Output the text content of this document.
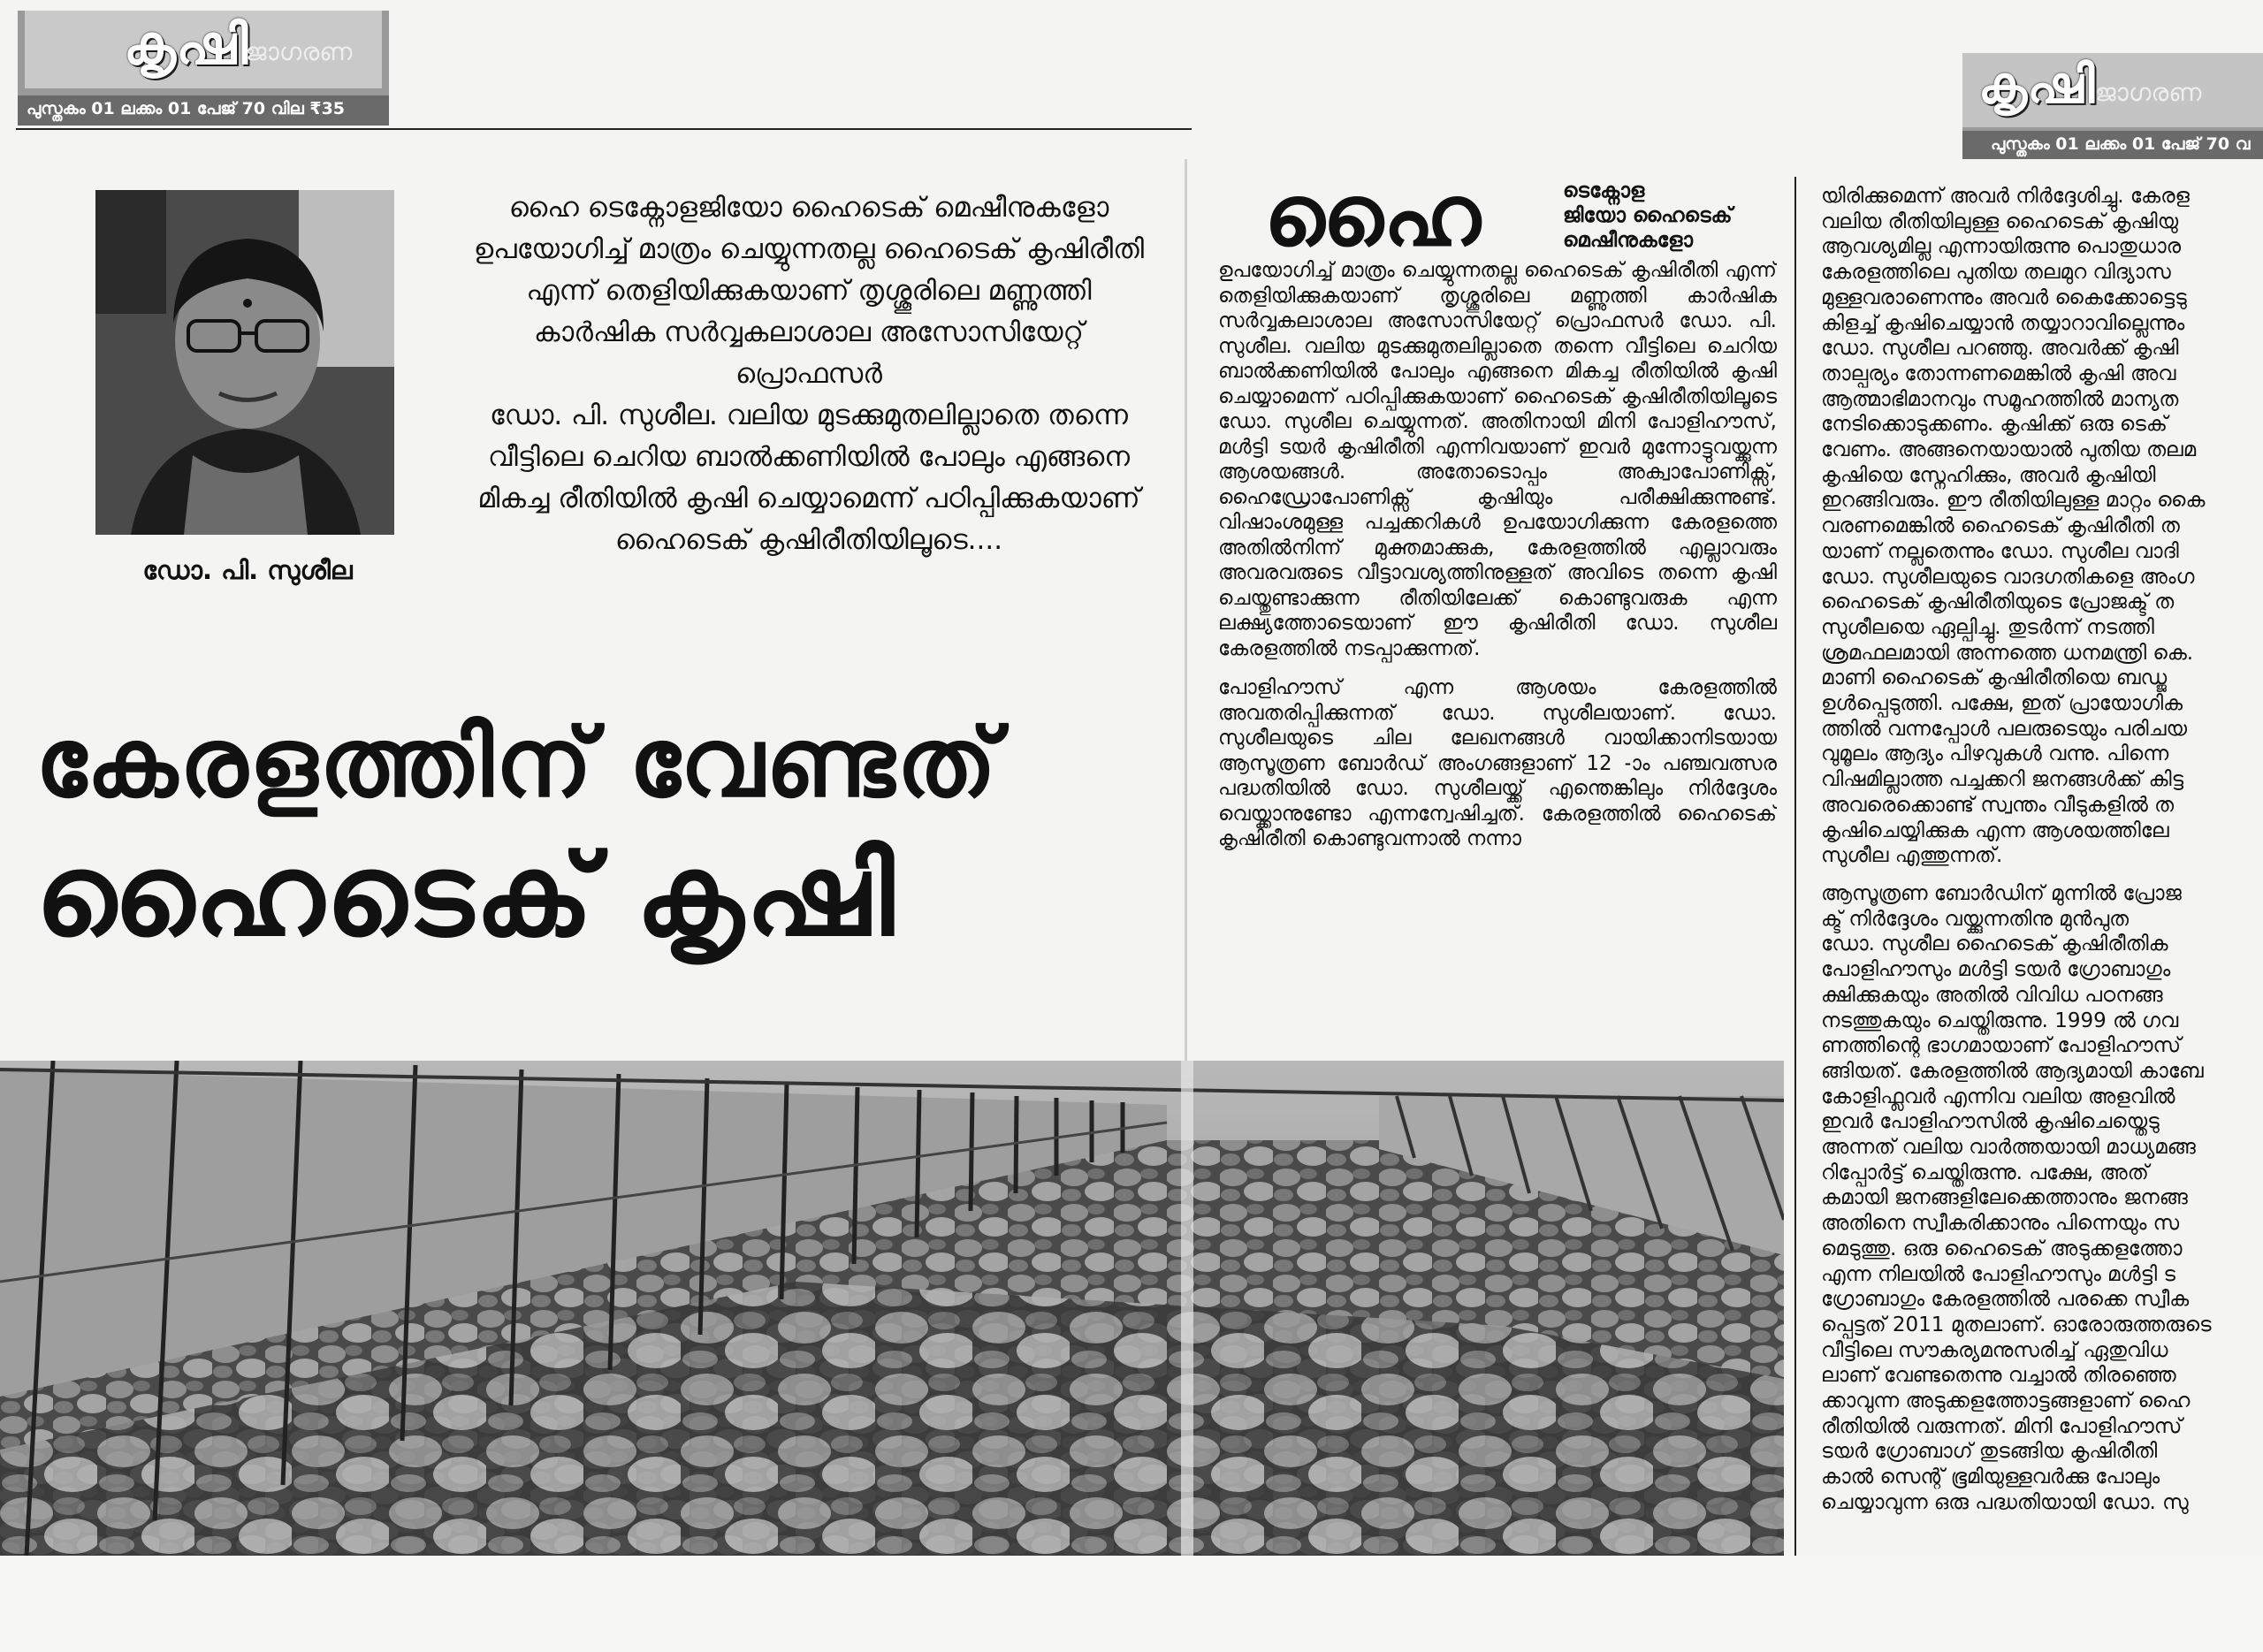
കൃഷി
ജാഗരണ
പുസ്തകം 01 ലക്കം 01 പേജ് 70 വില ₹35	കൃഷി ജാഗരണ
പുസ്തകം 01 ലക്കം 01 പേജ് 70 വ
ഡോ. പി. സുശീല

ഹൈ ടെക്നോളജിയോ ഹൈടെക് മെഷീനുകളോ

ഉപയോഗിച്ച് മാത്രം ചെയ്യുന്നതല്ല ഹൈടെക് കൃഷിരീതി

എന്ന് തെളിയിക്കുകയാണ് തൃശ്ശൂരിലെ മണ്ണുത്തി

കാർഷിക സർവ്വകലാശാല അസോസിയേറ്റ് പ്രൊഫസർ

ഡോ. പി. സുശീല. വലിയ മുടക്കുമുതലില്ലാതെ തന്നെ

വീട്ടിലെ ചെറിയ ബാൽക്കണിയിൽ പോലും എങ്ങനെ

മികച്ച രീതിയിൽ കൃഷി ചെയ്യാമെന്ന് പഠിപ്പിക്കുകയാണ്

ഹൈടെക് കൃഷിരീതിയിലൂടെ....

കേരളത്തിന് വേണ്ടത്
ഹൈടെക് കൃഷി
ഹൈ	ടെക്നോള
ജിയോ ഹൈടെക്
മെഷീനുകളോ

ഉപയോഗിച്ച് മാത്രം ചെയ്യുന്നതല്ല ഹൈടെക് കൃഷിരീതി എന്ന് തെളിയിക്കുകയാണ് തൃശ്ശൂരിലെ മണ്ണുത്തി കാർഷിക സർവ്വകലാശാല അസോസിയേറ്റ് പ്രൊഫസർ ഡോ. പി. സുശീല. വലിയ മുടക്കുമുതലില്ലാതെ തന്നെ വീട്ടിലെ ചെറിയ ബാൽക്കണിയിൽ പോലും എങ്ങനെ മികച്ച രീതിയിൽ കൃഷി ചെയ്യാമെന്ന് പഠിപ്പിക്കുകയാണ് ഹൈടെക് കൃഷിരീതിയിലൂടെ ഡോ. സുശീല ചെയ്യുന്നത്. അതിനായി മിനി പോളിഹൗസ്, മൾട്ടി ടയർ കൃഷിരീതി എന്നിവയാണ് ഇവർ മുന്നോട്ടുവയ്ക്കുന്ന ആശയങ്ങൾ. അതോടൊപ്പം അക്വാപോണിക്സ്, ഹൈഡ്രോപോണിക്സ് കൃഷിയും പരീക്ഷിക്കുന്നുണ്ട്. വിഷാംശമുള്ള പച്ചക്കറികൾ ഉപയോഗിക്കുന്ന കേരളത്തെ അതിൽനിന്ന് മുക്തമാക്കുക, കേരളത്തിൽ എല്ലാവരും അവരവരുടെ വീട്ടാവശ്യത്തിനുള്ളത് അവിടെ തന്നെ കൃഷി ചെയ്തുണ്ടാക്കുന്ന രീതിയിലേക്ക് കൊണ്ടുവരുക എന്ന ലക്ഷ്യത്തോടെയാണ് ഈ കൃഷിരീതി ഡോ. സുശീല കേരളത്തിൽ നടപ്പാക്കുന്നത്.

പോളിഹൗസ് എന്ന ആശയം കേരളത്തിൽ അവതരിപ്പിക്കുന്നത് ഡോ. സുശീലയാണ്. ഡോ. സുശീലയുടെ ചില ലേഖനങ്ങൾ വായിക്കാനിടയായ ആസൂത്രണ ബോർഡ് അംഗങ്ങളാണ് 12 -ാം പഞ്ചവത്സര പദ്ധതിയിൽ ഡോ. സുശീലയ്ക്ക് എന്തെങ്കിലും നിർദ്ദേശം വെയ്ക്കാനുണ്ടോ എന്നന്വേഷിച്ചത്. കേരളത്തിൽ ഹൈടെക് കൃഷിരീതി കൊണ്ടുവന്നാൽ നന്നാ

യിരിക്കുമെന്ന് അവർ നിർദ്ദേശിച്ചു. കേരള
വലിയ രീതിയിലുള്ള ഹൈടെക് കൃഷിയു
ആവശ്യമില്ല എന്നായിരുന്നു പൊതുധാര
കേരളത്തിലെ പുതിയ തലമുറ വിദ്യാസ
മുള്ളവരാണെന്നും അവർ കൈക്കോട്ടെടു
കിളച്ച് കൃഷിചെയ്യാൻ തയ്യാറാവില്ലെന്നും
ഡോ. സുശീല പറഞ്ഞു. അവർക്ക് കൃഷി
താല്പര്യം തോന്നണമെങ്കിൽ കൃഷി അവ
ആത്മാഭിമാനവും സമൂഹത്തിൽ മാന്യത
നേടിക്കൊടുക്കണം. കൃഷിക്ക് ഒരു ടെക്
വേണം. അങ്ങനെയായാൽ പുതിയ തലമ
കൃഷിയെ സ്നേഹിക്കും, അവർ കൃഷിയി
ഇറങ്ങിവരും. ഈ രീതിയിലുള്ള മാറ്റം കൈ
വരണമെങ്കിൽ ഹൈടെക് കൃഷിരീതി ത
യാണ് നല്ലതെന്നും ഡോ. സുശീല വാദി
ഡോ. സുശീലയുടെ വാദഗതികളെ അംഗ
ഹൈടെക് കൃഷിരീതിയുടെ പ്രോജക്ട് ത
സുശീലയെ ഏല്പിച്ചു. തുടർന്ന് നടത്തി
ശ്രമഫലമായി അന്നത്തെ ധനമന്ത്രി കെ.
മാണി ഹൈടെക് കൃഷിരീതിയെ ബഡ്ജ
ഉൾപ്പെടുത്തി. പക്ഷേ, ഇത് പ്രായോഗിക
ത്തിൽ വന്നപ്പോൾ പലരുടെയും പരിചയ
വുമൂലം ആദ്യം പിഴവുകൾ വന്നു. പിന്നെ
വിഷമില്ലാത്ത പച്ചക്കറി ജനങ്ങൾക്ക് കിട്ട
അവരെക്കൊണ്ട് സ്വന്തം വീടുകളിൽ ത
കൃഷിചെയ്യിക്കുക എന്ന ആശയത്തിലേ
സുശീല എത്തുന്നത്.

ആസൂത്രണ ബോർഡിന് മുന്നിൽ പ്രോജ
ക്ട് നിർദ്ദേശം വയ്ക്കുന്നതിനു മുൻപുത
ഡോ. സുശീല ഹൈടെക് കൃഷിരീതിക
പോളിഹൗസും മൾട്ടി ടയർ ഗ്രോബാഗും
ക്ഷിക്കുകയും അതിൽ വിവിധ പഠനങ്ങ
നടത്തുകയും ചെയ്തിരുന്നു. 1999 ൽ ഗവ
ണത്തിന്റെ ഭാഗമായാണ് പോളിഹൗസ്
ങ്ങിയത്. കേരളത്തിൽ ആദ്യമായി കാബേ
കോളിഫ്ലവർ എന്നിവ വലിയ അളവിൽ
ഇവർ പോളിഹൗസിൽ കൃഷിചെയ്തെടു
അന്നത് വലിയ വാർത്തയായി മാധ്യമങ്ങ
റിപ്പോർട്ട് ചെയ്തിരുന്നു. പക്ഷേ, അത്
കമായി ജനങ്ങളിലേക്കെത്താനും ജനങ്ങ
അതിനെ സ്വീകരിക്കാനും പിന്നെയും സ
മെടുത്തു. ഒരു ഹൈടെക് അടുക്കളത്തോ
എന്ന നിലയിൽ പോളിഹൗസും മൾട്ടി ട
ഗ്രോബാഗും കേരളത്തിൽ പരക്കെ സ്വീക
പ്പെട്ടത് 2011 മുതലാണ്. ഓരോരുത്തരുടെ
വീട്ടിലെ സൗകര്യമനുസരിച്ച് ഏതുവിധ
ലാണ് വേണ്ടതെന്നു വച്ചാൽ തിരഞ്ഞെ
ക്കാവുന്ന അടുക്കളത്തോട്ടങ്ങളാണ് ഹൈ
രീതിയിൽ വരുന്നത്. മിനി പോളിഹൗസ്
ടയർ ഗ്രോബാഗ് തുടങ്ങിയ കൃഷിരീതി
കാൽ സെന്റ് ഭൂമിയുള്ളവർക്കു പോലും
ചെയ്യാവുന്ന ഒരു പദ്ധതിയായി ഡോ. സു
